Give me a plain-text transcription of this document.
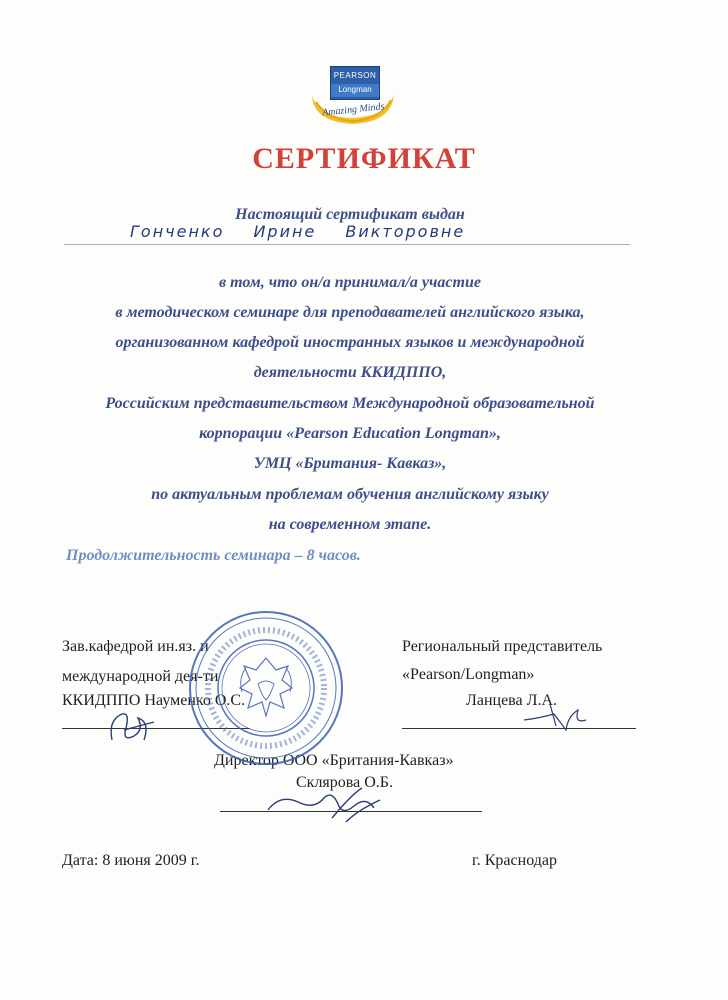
PEARSON
Longman
Amazing Minds
СЕРТИФИКАТ
Настоящий сертификат выдан
Гонченко Ирине Викторовне
в том, что он/а принимал/а участие
в методическом семинаре для преподавателей английского языка,
организованном кафедрой иностранных языков и международной
деятельности ККИДППО,
Российским представительством Международной образовательной
корпорации «Pearson Education Longman»,
УМЦ «Британия- Кавказ»,
по актуальным проблемам обучения английскому языку
на современном этапе.
Продолжительность семинара – 8 часов.
Зав.кафедрой ин.яз. и
международной дея-ти
ККИДППО Науменко О.С.
Региональный представитель
«Pearson/Longman»
Ланцева Л.А.
Директор ООО «Британия-Кавказ»
Склярова О.Б.
Дата: 8 июня 2009 г.	г. Краснодар
